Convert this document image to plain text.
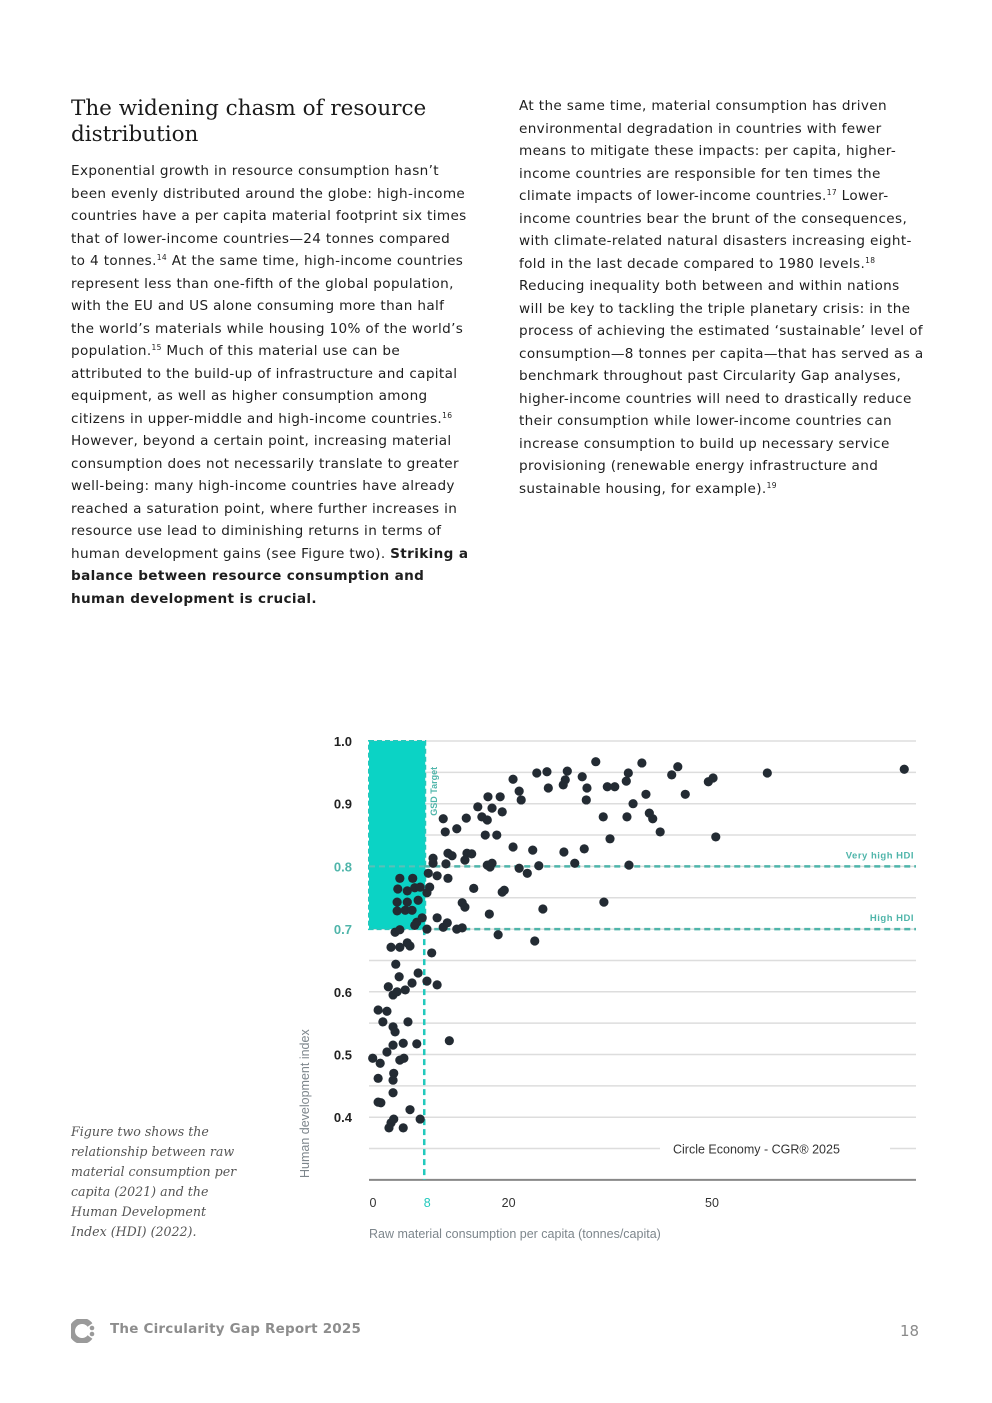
The widening chasm of resource distribution

Exponential growth in resource consumption hasn’t been evenly distributed around the globe: high-income countries have a per capita material footprint six times that of lower-income countries—24 tonnes compared to 4 tonnes.$^{14}$ At the same time, high-income countries represent less than one-fifth of the global population, with the EU and US alone consuming more than half the world’s materials while housing 10% of the world’s population.$^{15}$ Much of this material use can be attributed to the build-up of infrastructure and capital equipment, as well as higher consumption among citizens in upper-middle and high-income countries.$^{16}$ However, beyond a certain point, increasing material consumption does not necessarily translate to greater well-being: many high-income countries have already reached a saturation point, where further increases in resource use lead to diminishing returns in terms of human development gains (see Figure two). Striking a balance between resource consumption and human development is crucial.

At the same time, material consumption has driven environmental degradation in countries with fewer means to mitigate these impacts: per capita, higher-income countries are responsible for ten times the climate impacts of lower-income countries.$^{17}$ Lower-income countries bear the brunt of the consequences, with climate-related natural disasters increasing eight-fold in the last decade compared to 1980 levels.$^{18}$ Reducing inequality both between and within nations will be key to tackling the triple planetary crisis: in the process of achieving the estimated ‘sustainable’ level of consumption—8 tonnes per capita—that has served as a benchmark throughout past Circularity Gap analyses, higher-income countries will need to drastically reduce their consumption while lower-income countries can increase consumption to build up necessary service provisioning (renewable energy infrastructure and sustainable housing, for example).$^{19}$

Figure two shows the relationship between raw material consumption per capita (2021) and the Human Development Index (HDI) (2022).
GSD Target
Circle Economy - CGR® 2025
Very high HDI
High HDI
1.0
0.9
0.8
0.7
0.6
0.5
0.4
0	8	20	50
Raw material consumption per capita (tonnes/capita)
Human development index
The Circularity Gap Report 2025	18
